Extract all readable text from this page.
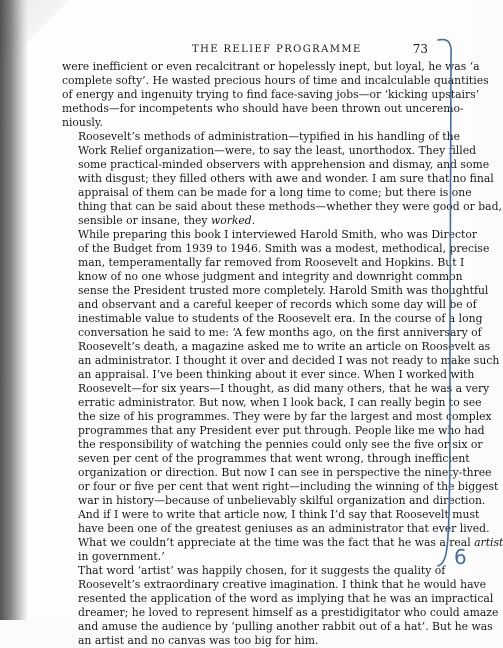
THE RELIEF PROGRAMME	73

were inefficient or even recalcitrant or hopelessly inept, but loyal, he was ‘a
complete softy’. He wasted precious hours of time and incalculable quantities
of energy and ingenuity trying to find face-saving jobs—or ‘kicking upstairs’
methods—for incompetents who should have been thrown out unceremo-
niously.

Roosevelt’s methods of administration—typified in his handling of the
Work Relief organization—were, to say the least, unorthodox. They filled
some practical-minded observers with apprehension and dismay, and some
with disgust; they filled others with awe and wonder. I am sure that no final
appraisal of them can be made for a long time to come; but there is one
thing that can be said about these methods—whether they were good or bad,
sensible or insane, they worked.

While preparing this book I interviewed Harold Smith, who was Director
of the Budget from 1939 to 1946. Smith was a modest, methodical, precise
man, temperamentally far removed from Roosevelt and Hopkins. But I
know of no one whose judgment and integrity and downright common
sense the President trusted more completely. Harold Smith was thoughtful
and observant and a careful keeper of records which some day will be of
inestimable value to students of the Roosevelt era. In the course of a long
conversation he said to me: ‘A few months ago, on the first anniversary of
Roosevelt’s death, a magazine asked me to write an article on Roosevelt as
an administrator. I thought it over and decided I was not ready to make such
an appraisal. I’ve been thinking about it ever since. When I worked with
Roosevelt—for six years—I thought, as did many others, that he was a very
erratic administrator. But now, when I look back, I can really begin to see
the size of his programmes. They were by far the largest and most complex
programmes that any President ever put through. People like me who had
the responsibility of watching the pennies could only see the five or six or
seven per cent of the programmes that went wrong, through inefficient
organization or direction. But now I can see in perspective the ninety-three
or four or five per cent that went right—including the winning of the biggest
war in history—because of unbelievably skilful organization and direction.
And if I were to write that article now, I think I’d say that Roosevelt must
have been one of the greatest geniuses as an administrator that ever lived.
What we couldn’t appreciate at the time was the fact that he was a real artist
in government.’

That word ‘artist’ was happily chosen, for it suggests the quality of
Roosevelt’s extraordinary creative imagination. I think that he would have
resented the application of the word as implying that he was an impractical
dreamer; he loved to represent himself as a prestidigitator who could amaze
and amuse the audience by ‘pulling another rabbit out of a hat’. But he was
an artist and no canvas was too big for him.

6
